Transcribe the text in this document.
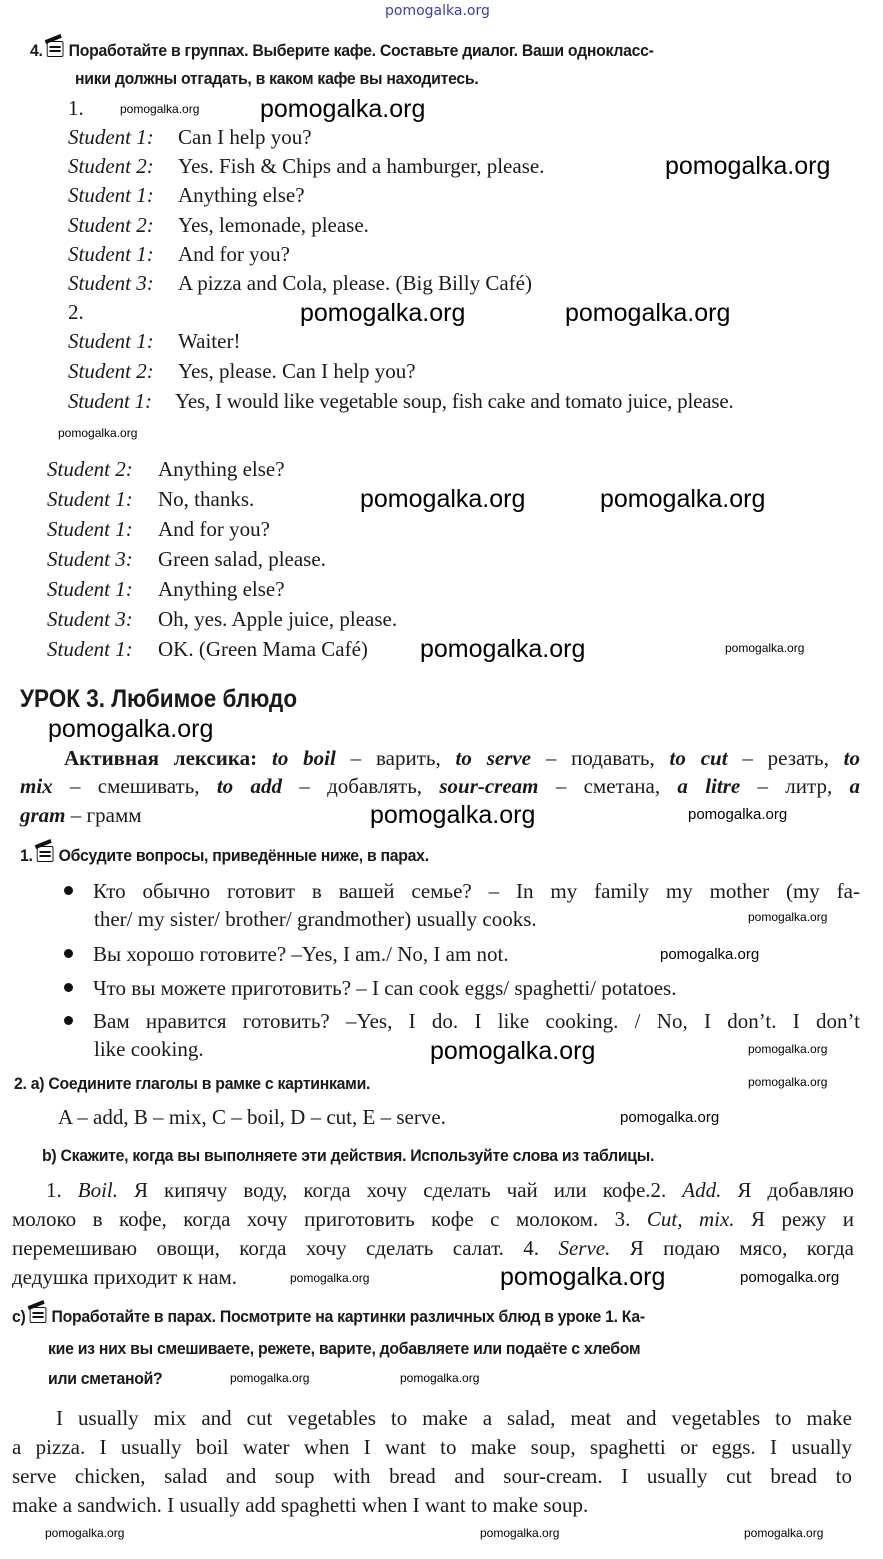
pomogalka.org
pomogalka.org
pomogalka.org
pomogalka.org
pomogalka.org	pomogalka.org
pomogalka.org
pomogalka.org	pomogalka.org
pomogalka.org	pomogalka.org
pomogalka.org
pomogalka.org	pomogalka.org
pomogalka.org
pomogalka.org
pomogalka.org	pomogalka.org
pomogalka.org
pomogalka.org
pomogalka.org	pomogalka.org	pomogalka.org
pomogalka.org	pomogalka.org
pomogalka.org	pomogalka.org	pomogalka.org
4. Поработайте в группах. Выберите кафе. Составьте диалог. Ваши однокласс-
ники должны отгадать, в каком кафе вы находитесь.
1.
Student 1: Can I help you?
Student 2: Yes. Fish & Chips and a hamburger, please.
Student 1: Anything else?
Student 2: Yes, lemonade, please.
Student 1: And for you?
Student 3: A pizza and Cola, please. (Big Billy Café)
2.
Student 1: Waiter!
Student 2: Yes, please. Can I help you?
Student 1: Yes, I would like vegetable soup, fish cake and tomato juice, please.
Student 2: Anything else?
Student 1: No, thanks.
Student 1: And for you?
Student 3: Green salad, please.
Student 1: Anything else?
Student 3: Oh, yes. Apple juice, please.
Student 1: OK. (Green Mama Café)
УРОК 3. Любимое блюдо
Активная лексика: to boil – варить, to serve – подавать, to cut – резать, to
mix – смешивать, to add – добавлять, sour-cream – сметана, a litre – литр, a
gram – грамм
1. Обсудите вопросы, приведённые ниже, в парах.
Кто обычно готовит в вашей семье? – In my family my mother (my fa-
ther/ my sister/ brother/ grandmother) usually cooks.
Вы хорошо готовите? –Yes, I am./ No, I am not.
Что вы можете приготовить? – I can cook eggs/ spaghetti/ potatoes.
Вам нравится готовить? –Yes, I do. I like cooking. / No, I don’t. I don’t
like cooking.
2. а) Соедините глаголы в рамке с картинками.
A – add, B – mix, C – boil, D – cut, E – serve.
b) Скажите, когда вы выполняете эти действия. Используйте слова из таблицы.
1. Boil. Я кипячу воду, когда хочу сделать чай или кофе.2. Add. Я добавляю
молоко в кофе, когда хочу приготовить кофе с молоком. 3. Cut, mix. Я режу и
перемешиваю овощи, когда хочу сделать салат. 4. Serve. Я подаю мясо, когда
дедушка приходит к нам.
с) Поработайте в парах. Посмотрите на картинки различных блюд в уроке 1. Ка-
кие из них вы смешиваете, режете, варите, добавляете или подаёте с хлебом
или сметаной?
I usually mix and cut vegetables to make a salad, meat and vegetables to make
a pizza. I usually boil water when I want to make soup, spaghetti or eggs. I usually
serve chicken, salad and soup with bread and sour-cream. I usually cut bread to
make a sandwich. I usually add spaghetti when I want to make soup.
